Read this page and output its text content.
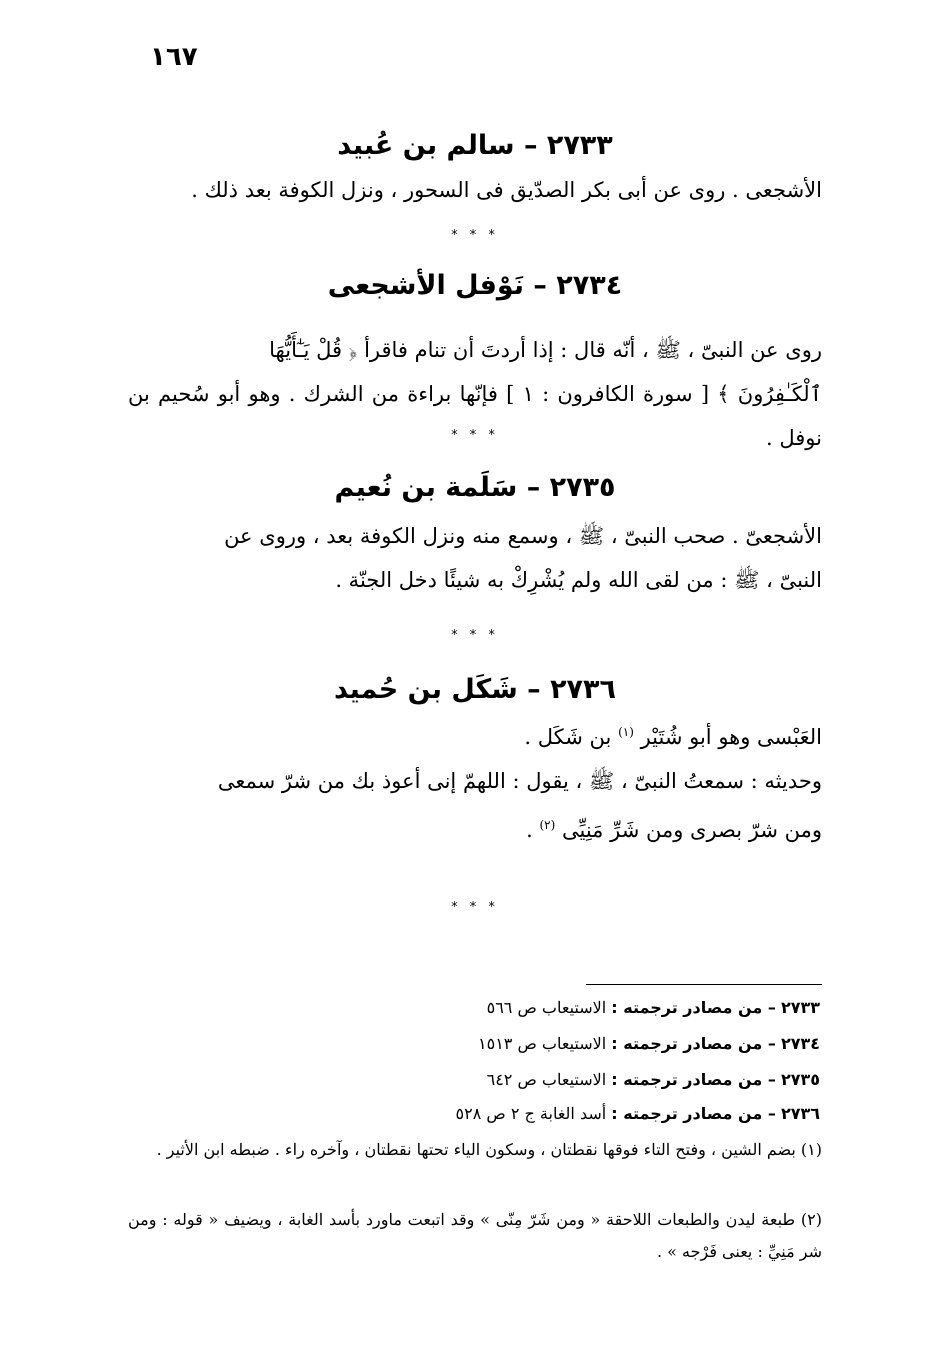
١٦٧
٢٧٣٣ – سالم بن عُبيد
الأشجعى . روى عن أبى بكر الصدّيق فى السحور ، ونزل الكوفة بعد ذلك .
* * *
٢٧٣٤ – نَوْفل الأشجعى
روى عن النبىّ ، ﷺ ، أنّه قال : إذا أردتَ أن تنام فاقرأ ﴿ قُلْ يَـٰٓأَيُّهَا
ٱلْكَـٰفِرُونَ ﴾ [ سورة الكافرون : ١ ] فإنّها براءة من الشرك . وهو أبو سُحيم بن نوفل .
* * *
٢٧٣٥ – سَلَمة بن نُعيم
الأشجعىّ . صحب النبىّ ، ﷺ ، وسمع منه ونزل الكوفة بعد ، وروى عن
النبىّ ، ﷺ : من لقى الله ولم يُشْرِكْ به شيئًا دخل الجنّة .
* * *
٢٧٣٦ – شَكَل بن حُميد
العَبْسى وهو أبو شُتَيْر $^{(١)}$ بن شَكَل .
وحديثه : سمعتُ النبىّ ، ﷺ ، يقول : اللهمّ إنى أعوذ بك من شرّ سمعى
ومن شرّ بصرى ومن شَرِّ مَنِيِّى $^{(٢)}$ .
* * *
٢٧٣٣ – من مصادر ترجمته : الاستيعاب ص ٥٦٦
٢٧٣٤ – من مصادر ترجمته : الاستيعاب ص ١٥١٣
٢٧٣٥ – من مصادر ترجمته : الاستيعاب ص ٦٤٢
٢٧٣٦ – من مصادر ترجمته : أسد الغابة ج ٢ ص ٥٢٨
(١) بضم الشين ، وفتح التاء فوقها نقطتان ، وسكون الياء تحتها نقطتان ، وآخره راء . ضبطه ابن الأثير .
(٢) طبعة ليدن والطبعات اللاحقة « ومن شَرّ مِنّى » وقد اتبعت ماورد بأسد الغابة ، ويضيف « قوله : ومن شر مَنِيِّ : يعنى فَرْجه » .
